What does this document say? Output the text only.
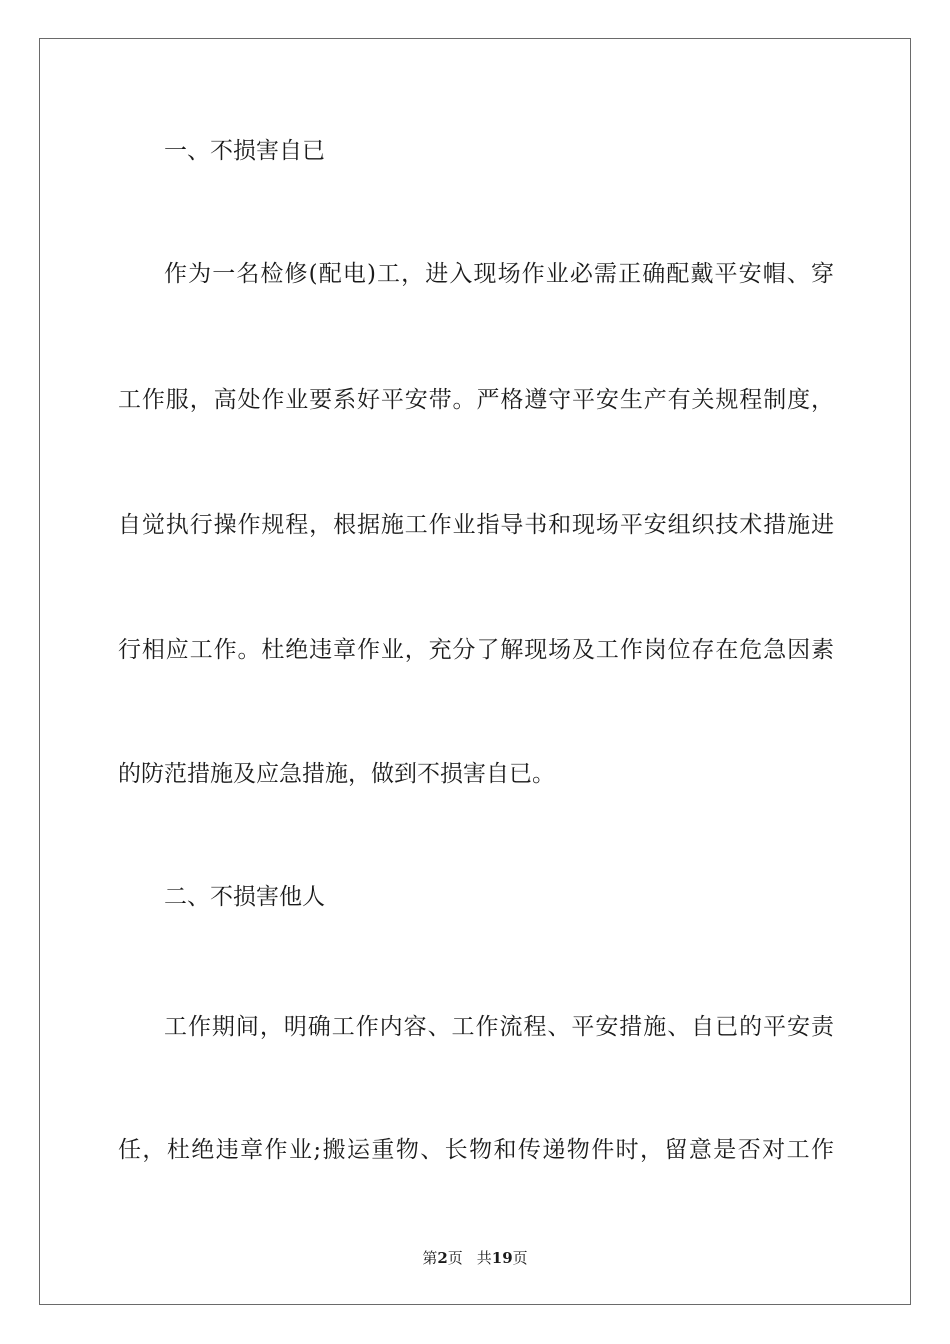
一、不损害自已
作为一名检修(配电)工，进入现场作业必需正确配戴平安帽、穿
工作服，高处作业要系好平安带。严格遵守平安生产有关规程制度，
自觉执行操作规程，根据施工作业指导书和现场平安组织技术措施进
行相应工作。杜绝违章作业，充分了解现场及工作岗位存在危急因素
的防范措施及应急措施，做到不损害自已。
二、不损害他人
工作期间，明确工作内容、工作流程、平安措施、自已的平安责
任，杜绝违章作业;搬运重物、长物和传递物件时，留意是否对工作
第2页 共19页
